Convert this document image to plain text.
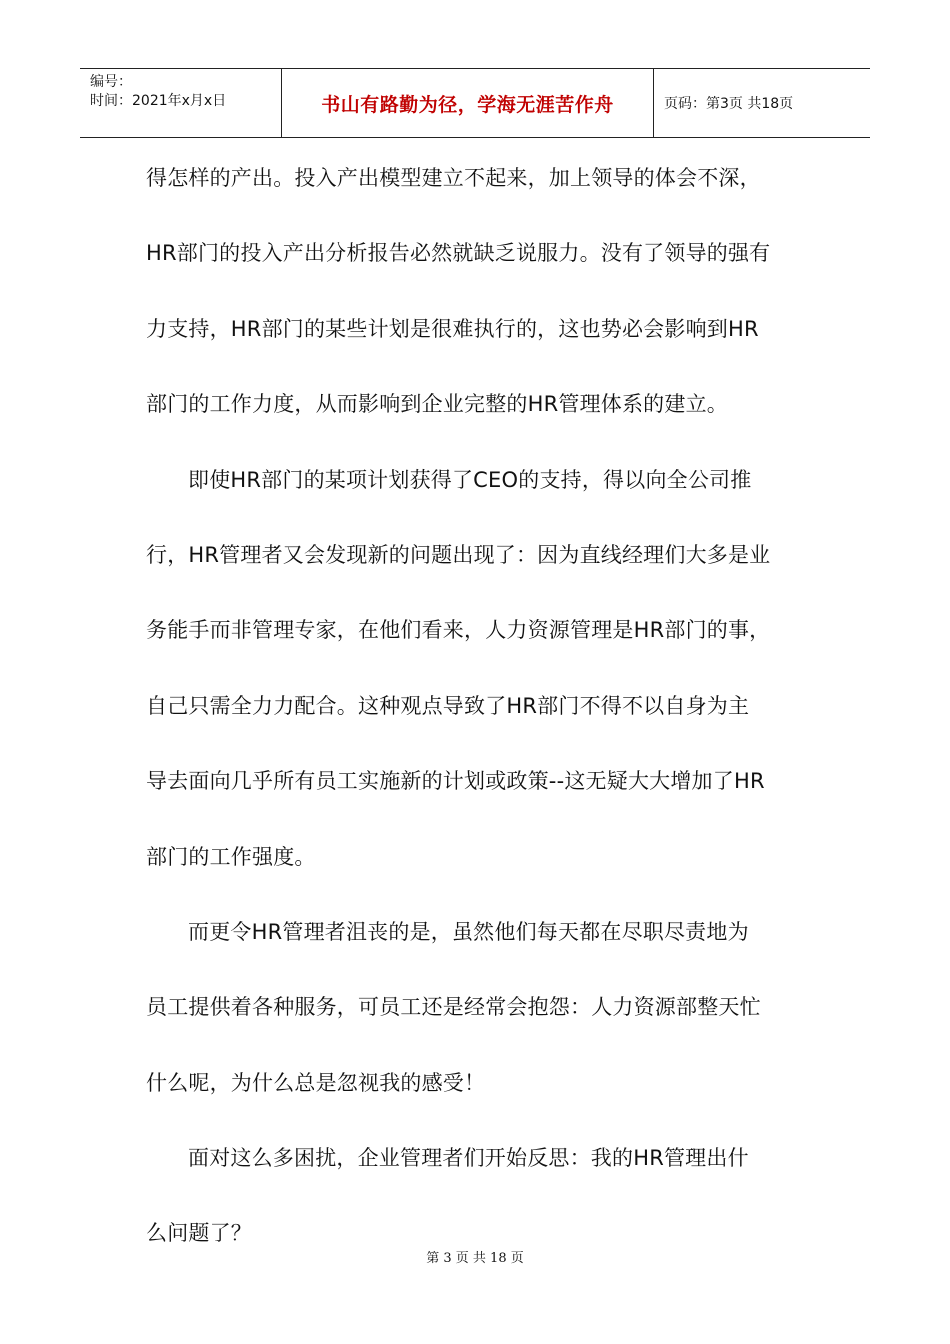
编号：
时间：2021年x月x日	书山有路勤为径，学海无涯苦作舟	页码：第3页 共18页
得怎样的产出。投入产出模型建立不起来，加上领导的体会不深，
HR部门的投入产出分析报告必然就缺乏说服力。没有了领导的强有
力支持，HR部门的某些计划是很难执行的，这也势必会影响到HR
部门的工作力度，从而影响到企业完整的HR管理体系的建立。
即使HR部门的某项计划获得了CEO的支持，得以向全公司推
行，HR管理者又会发现新的问题出现了：因为直线经理们大多是业
务能手而非管理专家，在他们看来，人力资源管理是HR部门的事，
自己只需全力力配合。这种观点导致了HR部门不得不以自身为主
导去面向几乎所有员工实施新的计划或政策--这无疑大大增加了HR
部门的工作强度。
而更令HR管理者沮丧的是，虽然他们每天都在尽职尽责地为
员工提供着各种服务，可员工还是经常会抱怨：人力资源部整天忙
什么呢，为什么总是忽视我的感受！
面对这么多困扰，企业管理者们开始反思：我的HR管理出什
么问题了？
第 3 页 共 18 页
